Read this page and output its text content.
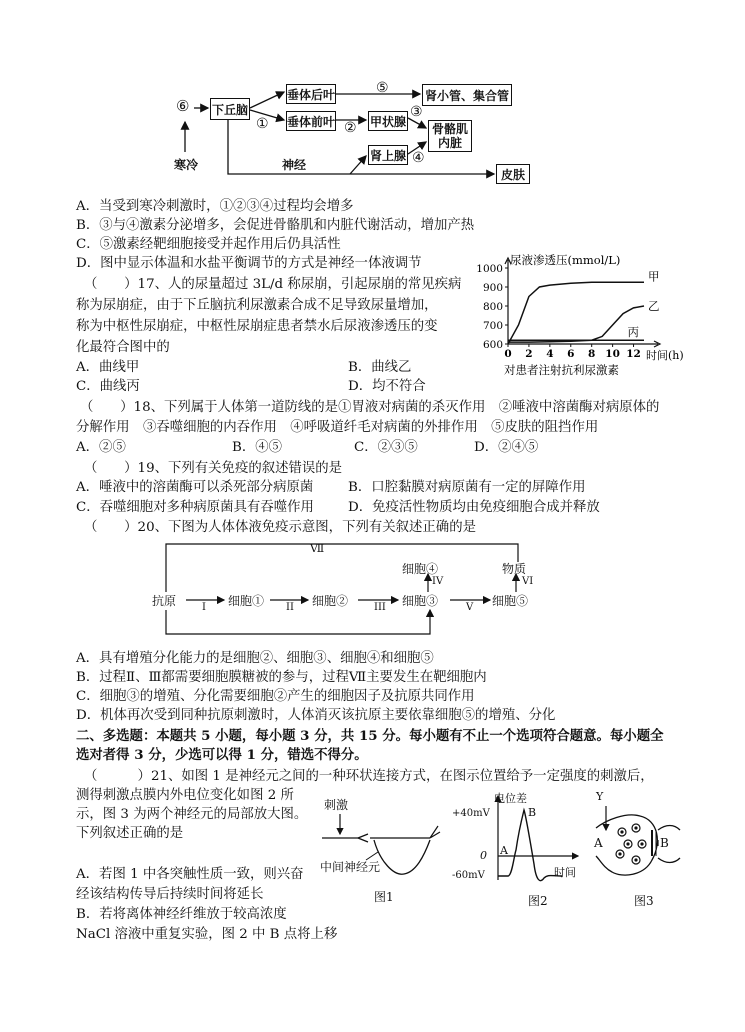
⑥ 下丘脑
垂体后叶
垂体前叶	甲状腺
肾上腺
肾小管、集合管
骨骼肌
内脏
皮肤
⑤
①	②
③
④
寒冷	神经
A．当受到寒冷刺激时，①②③④过程均会增多
B．③与④激素分泌增多，会促进骨骼肌和内脏代谢活动，增加产热
C．⑤激素经靶细胞接受并起作用后仍具活性
D．图中显示体温和水盐平衡调节的方式是神经一体液调节
（　　）17、人的尿量超过 3L/d 称尿崩，引起尿崩的常见疾病
称为尿崩症，由于下丘脑抗利尿激素合成不足导致尿量增加，
称为中枢性尿崩症，中枢性尿崩症患者禁水后尿液渗透压的变
化最符合图中的
A．曲线甲	B．曲线乙
C．曲线丙	D．均不符合
尿液渗透压(mmol/L)
600
700
800
900
1000
0 2 4 6 8 10 12 时间(h)
对患者注射抗利尿激素
甲
乙
丙
（　　）18、下列属于人体第一道防线的是①胃液对病菌的杀灭作用　②唾液中溶菌酶对病原体的
分解作用　③吞噬细胞的内吞作用　④呼吸道纤毛对病菌的外排作用　⑤皮肤的阻挡作用
A．②⑤	B．④⑤	C．②③⑤	D．②④⑤
（　　）19、下列有关免疫的叙述错误的是
A．唾液中的溶菌酶可以杀死部分病原菌	B．口腔黏膜对病原菌有一定的屏障作用
C．吞噬细胞对多种病原菌具有吞噬作用	D．免疫活性物质均由免疫细胞合成并释放
（　　）20、下图为人体体液免疫示意图，下列有关叙述正确的是
Ⅶ
抗原	细胞①	细胞②	细胞③	细胞⑤
细胞④	物质
I	II	III
IV
V
VI
A．具有增殖分化能力的是细胞②、细胞③、细胞④和细胞⑤
B．过程Ⅱ、Ⅲ都需要细胞膜糖被的参与，过程Ⅶ主要发生在靶细胞内
C．细胞③的增殖、分化需要细胞②产生的细胞因子及抗原共同作用
D．机体再次受到同种抗原刺激时，人体消灭该抗原主要依靠细胞⑤的增殖、分化
二、多选题：本题共 5 小题，每小题 3 分，共 15 分。每小题有不止一个选项符合题意。每小题全
选对者得 3 分，少选可以得 1 分，错选不得分。
（　　　）21、如图 1 是神经元之间的一种环状连接方式，在图示位置给予一定强度的刺激后，
测得刺激点膜内外电位变化如图 2 所
示，图 3 为两个神经元的局部放大图。
下列叙述正确的是
A．若图 1 中各突触性质一致，则兴奋
经该结构传导后持续时间将延长
B．若将离体神经纤维放于较高浓度
NaCl 溶液中重复实验，图 2 中 B 点将上移
刺激
中间神经元
图1
电位差
+40mV
0
-60mV	时间
A
B
图2
Y
A	B
图3
